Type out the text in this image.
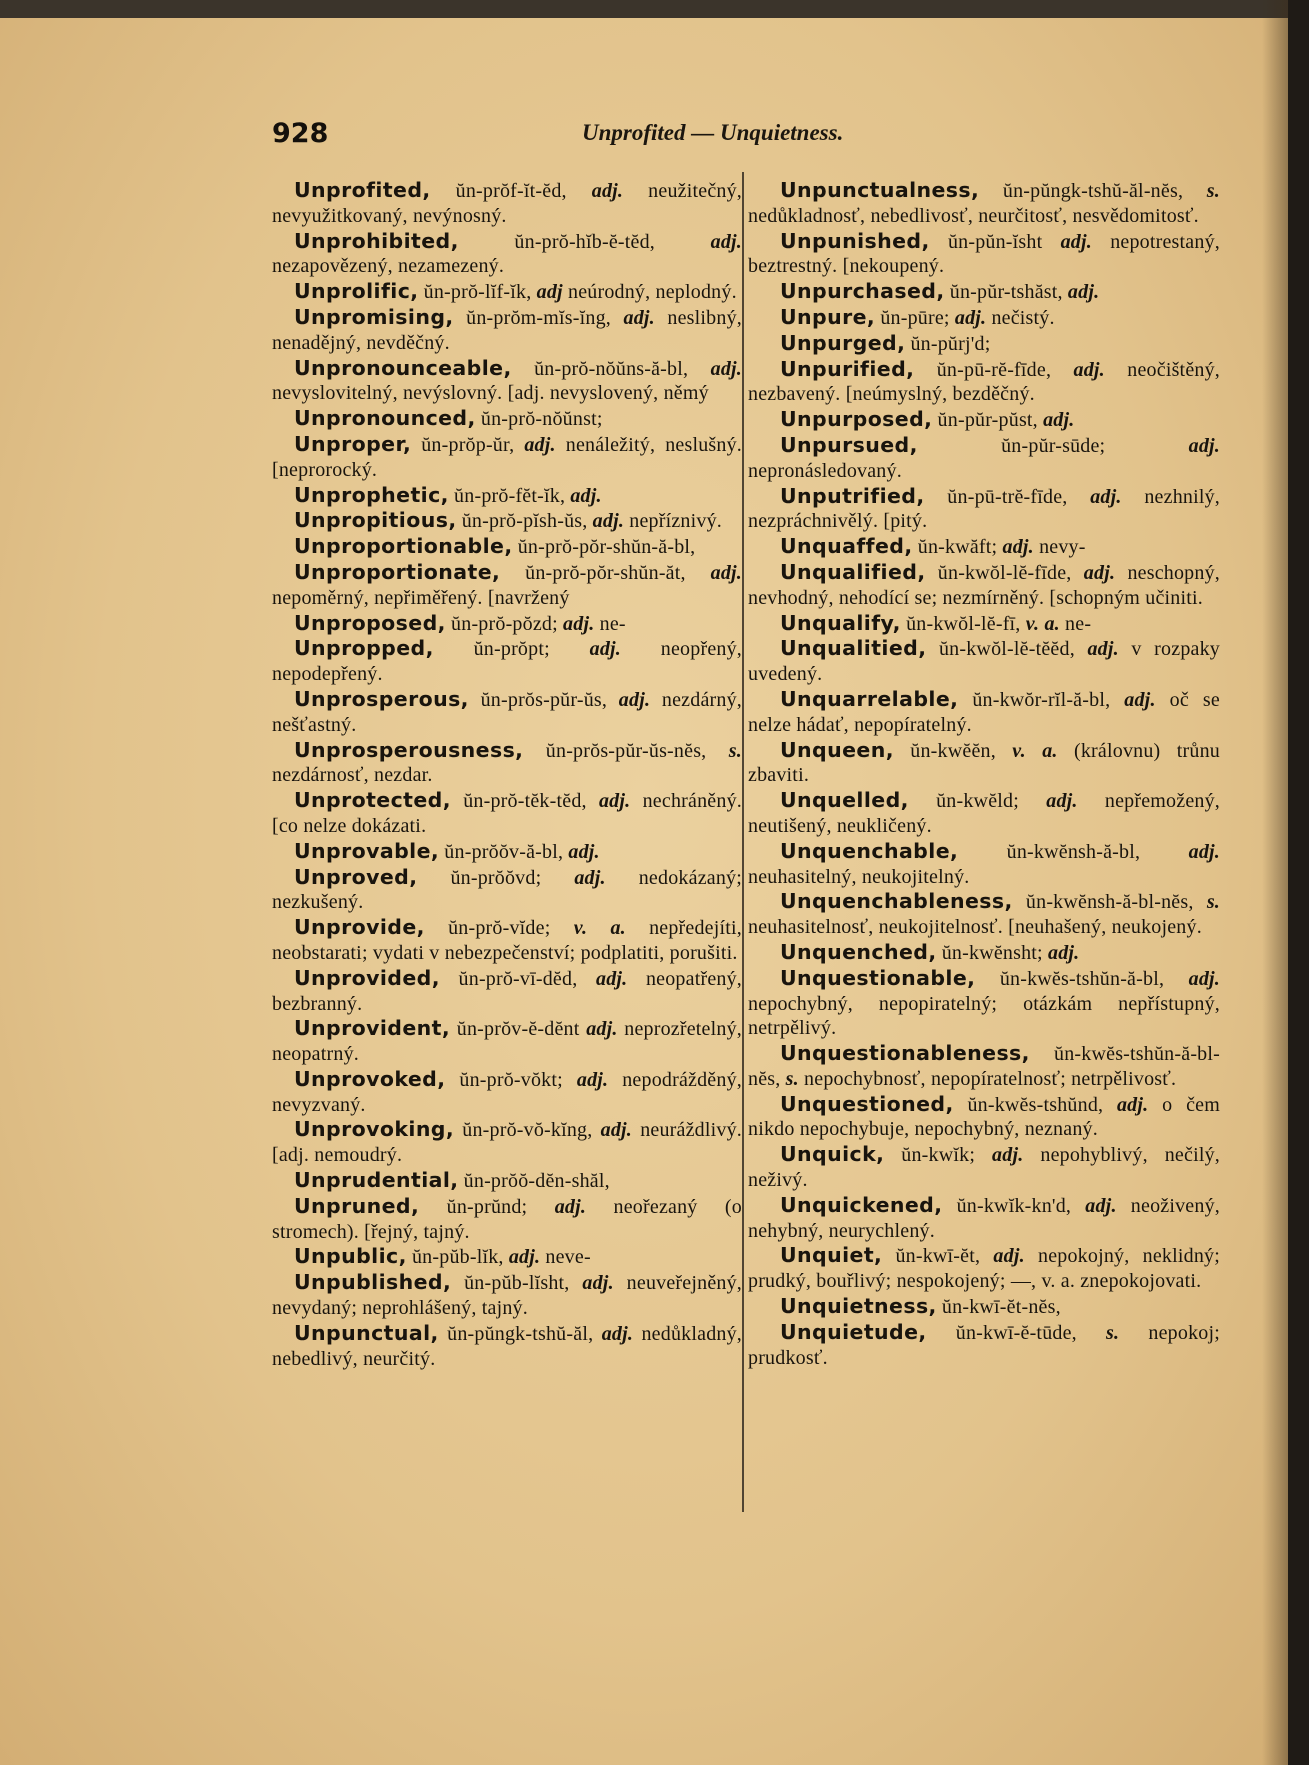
928	Unprofited — Unquietness.

Unprofited, ŭn-prŏf-ĭt-ĕd, adj. neužitečný, nevyužitkovaný, nevýnosný.

Unprohibited, ŭn-prŏ-hĭb-ĕ-tĕd, adj. nezapovězený, nezamezený.

Unprolific, ŭn-prŏ-lĭf-ĭk, adj neúrodný, neplodný.

Unpromising, ŭn-prŏm-mĭs-ĭng, adj. neslibný, nenadějný, nevděčný.

Unpronounceable, ŭn-prŏ-nŏŭns-ă-bl, adj. nevyslovitelný, nevýslovný. [adj. nevyslovený, němý

Unpronounced, ŭn-prŏ-nŏŭnst;

Unproper, ŭn-prŏp-ŭr, adj. nenáležitý, neslušný. [neprorocký.

Unprophetic, ŭn-prŏ-fĕt-ĭk, adj.

Unpropitious, ŭn-prŏ-pĭsh-ŭs, adj. nepříznivý.

Unproportionable, ŭn-prŏ-pŏr-shŭn-ă-bl,

Unproportionate, ŭn-prŏ-pŏr-shŭn-ăt, adj. nepoměrný, nepřiměřený. [navržený

Unproposed, ŭn-prŏ-pŏzd; adj. ne-

Unpropped, ŭn-prŏpt; adj. neopřený, nepodepřený.

Unprosperous, ŭn-prŏs-pŭr-ŭs, adj. nezdárný, nešťastný.

Unprosperousness, ŭn-prŏs-pŭr-ŭs-nĕs, s. nezdárnosť, nezdar.

Unprotected, ŭn-prŏ-tĕk-tĕd, adj. nechráněný. [co nelze dokázati.

Unprovable, ŭn-prŏŏv-ă-bl, adj.

Unproved, ŭn-prŏŏvd; adj. nedokázaný; nezkušený.

Unprovide, ŭn-prŏ-vĭde; v. a. nepředejíti, neobstarati; vydati v nebezpečenství; podplatiti, porušiti.

Unprovided, ŭn-prŏ-vī-dĕd, adj. neopatřený, bezbranný.

Unprovident, ŭn-prŏv-ĕ-dĕnt adj. neprozřetelný, neopatrný.

Unprovoked, ŭn-prŏ-vŏkt; adj. nepodrážděný, nevyzvaný.

Unprovoking, ŭn-prŏ-vŏ-kĭng, adj. neuráždlivý. [adj. nemoudrý.

Unprudential, ŭn-prŏŏ-dĕn-shăl,

Unpruned, ŭn-prŭnd; adj. neořezaný (o stromech). [řejný, tajný.

Unpublic, ŭn-pŭb-lĭk, adj. neve-

Unpublished, ŭn-pŭb-lĭsht, adj. neuveřejněný, nevydaný; neprohlášený, tajný.

Unpunctual, ŭn-pŭngk-tshŭ-ăl, adj. nedůkladný, nebedlivý, neurčitý.

Unpunctualness, ŭn-pŭngk-tshŭ-ăl-nĕs, s. nedůkladnosť, nebedlivosť, neurčitosť, nesvědomitosť.

Unpunished, ŭn-pŭn-ĭsht adj. nepotrestaný, beztrestný. [nekoupený.

Unpurchased, ŭn-pŭr-tshăst, adj.

Unpure, ŭn-pūre; adj. nečistý.

Unpurged, ŭn-pŭrj'd;

Unpurified, ŭn-pū-rĕ-fīde, adj. neočištěný, nezbavený. [neúmyslný, bezděčný.

Unpurposed, ŭn-pŭr-pŭst, adj.

Unpursued, ŭn-pŭr-sūde; adj. nepronásledovaný.

Unputrified, ŭn-pū-trĕ-fīde, adj. nezhnilý, nezpráchnivělý. [pitý.

Unquaffed, ŭn-kwăft; adj. nevy-

Unqualified, ŭn-kwŏl-lĕ-fīde, adj. neschopný, nevhodný, nehodící se; nezmírněný. [schopným učiniti.

Unqualify, ŭn-kwŏl-lĕ-fī, v. a. ne-

Unqualitied, ŭn-kwŏl-lĕ-tĕĕd, adj. v rozpaky uvedený.

Unquarrelable, ŭn-kwŏr-rĭl-ă-bl, adj. oč se nelze hádať, nepopíratelný.

Unqueen, ŭn-kwĕĕn, v. a. (královnu) trůnu zbaviti.

Unquelled, ŭn-kwĕld; adj. nepřemožený, neutišený, neukličený.

Unquenchable, ŭn-kwĕnsh-ă-bl, adj. neuhasitelný, neukojitelný.

Unquenchableness, ŭn-kwĕnsh-ă-bl-nĕs, s. neuhasitelnosť, neukojitelnosť. [neuhašený, neukojený.

Unquenched, ŭn-kwĕnsht; adj.

Unquestionable, ŭn-kwĕs-tshŭn-ă-bl, adj. nepochybný, nepopiratelný; otázkám nepřístupný, netrpělivý.

Unquestionableness, ŭn-kwĕs-tshŭn-ă-bl-nĕs, s. nepochybnosť, nepopíratelnosť; netrpělivosť.

Unquestioned, ŭn-kwĕs-tshŭnd, adj. o čem nikdo nepochybuje, nepochybný, neznaný.

Unquick, ŭn-kwĭk; adj. nepohyblivý, nečilý, neživý.

Unquickened, ŭn-kwĭk-kn'd, adj. neoživený, nehybný, neurychlený.

Unquiet, ŭn-kwī-ĕt, adj. nepokojný, neklidný; prudký, bouřlivý; nespokojený; —, v. a. znepokojovati.

Unquietness, ŭn-kwī-ĕt-nĕs,

Unquietude, ŭn-kwī-ĕ-tūde, s. nepokoj; prudkosť.
